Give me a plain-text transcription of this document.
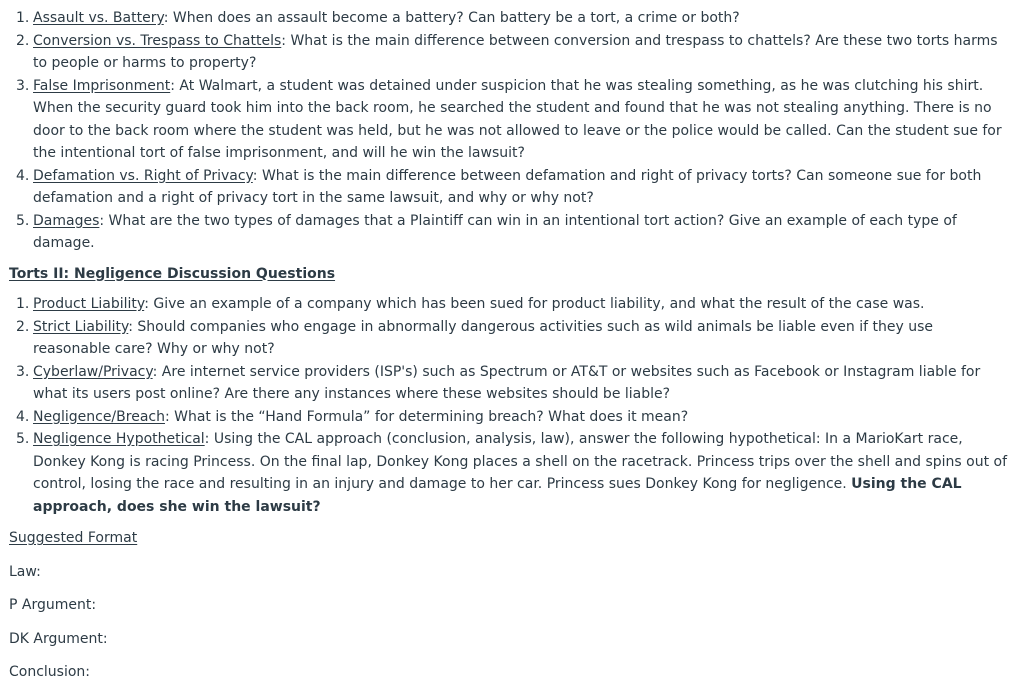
1. Assault vs. Battery: When does an assault become a battery? Can battery be a tort, a crime or both?
2. Conversion vs. Trespass to Chattels: What is the main difference between conversion and trespass to chattels? Are these two torts harms to people or harms to property?
3. False Imprisonment: At Walmart, a student was detained under suspicion that he was stealing something, as he was clutching his shirt. When the security guard took him into the back room, he searched the student and found that he was not stealing anything. There is no door to the back room where the student was held, but he was not allowed to leave or the police would be called. Can the student sue for the intentional tort of false imprisonment, and will he win the lawsuit?
4. Defamation vs. Right of Privacy: What is the main difference between defamation and right of privacy torts? Can someone sue for both defamation and a right of privacy tort in the same lawsuit, and why or why not?
5. Damages: What are the two types of damages that a Plaintiff can win in an intentional tort action? Give an example of each type of damage.
Torts II: Negligence Discussion Questions
1. Product Liability: Give an example of a company which has been sued for product liability, and what the result of the case was.
2. Strict Liability: Should companies who engage in abnormally dangerous activities such as wild animals be liable even if they use reasonable care? Why or why not?
3. Cyberlaw/Privacy: Are internet service providers (ISP's) such as Spectrum or AT&T or websites such as Facebook or Instagram liable for what its users post online? Are there any instances where these websites should be liable?
4. Negligence/Breach: What is the “Hand Formula” for determining breach? What does it mean?
5. Negligence Hypothetical: Using the CAL approach (conclusion, analysis, law), answer the following hypothetical: In a MarioKart race, Donkey Kong is racing Princess. On the final lap, Donkey Kong places a shell on the racetrack. Princess trips over the shell and spins out of control, losing the race and resulting in an injury and damage to her car. Princess sues Donkey Kong for negligence. Using the CAL approach, does she win the lawsuit?
Suggested Format
Law:
P Argument:
DK Argument:
Conclusion:
